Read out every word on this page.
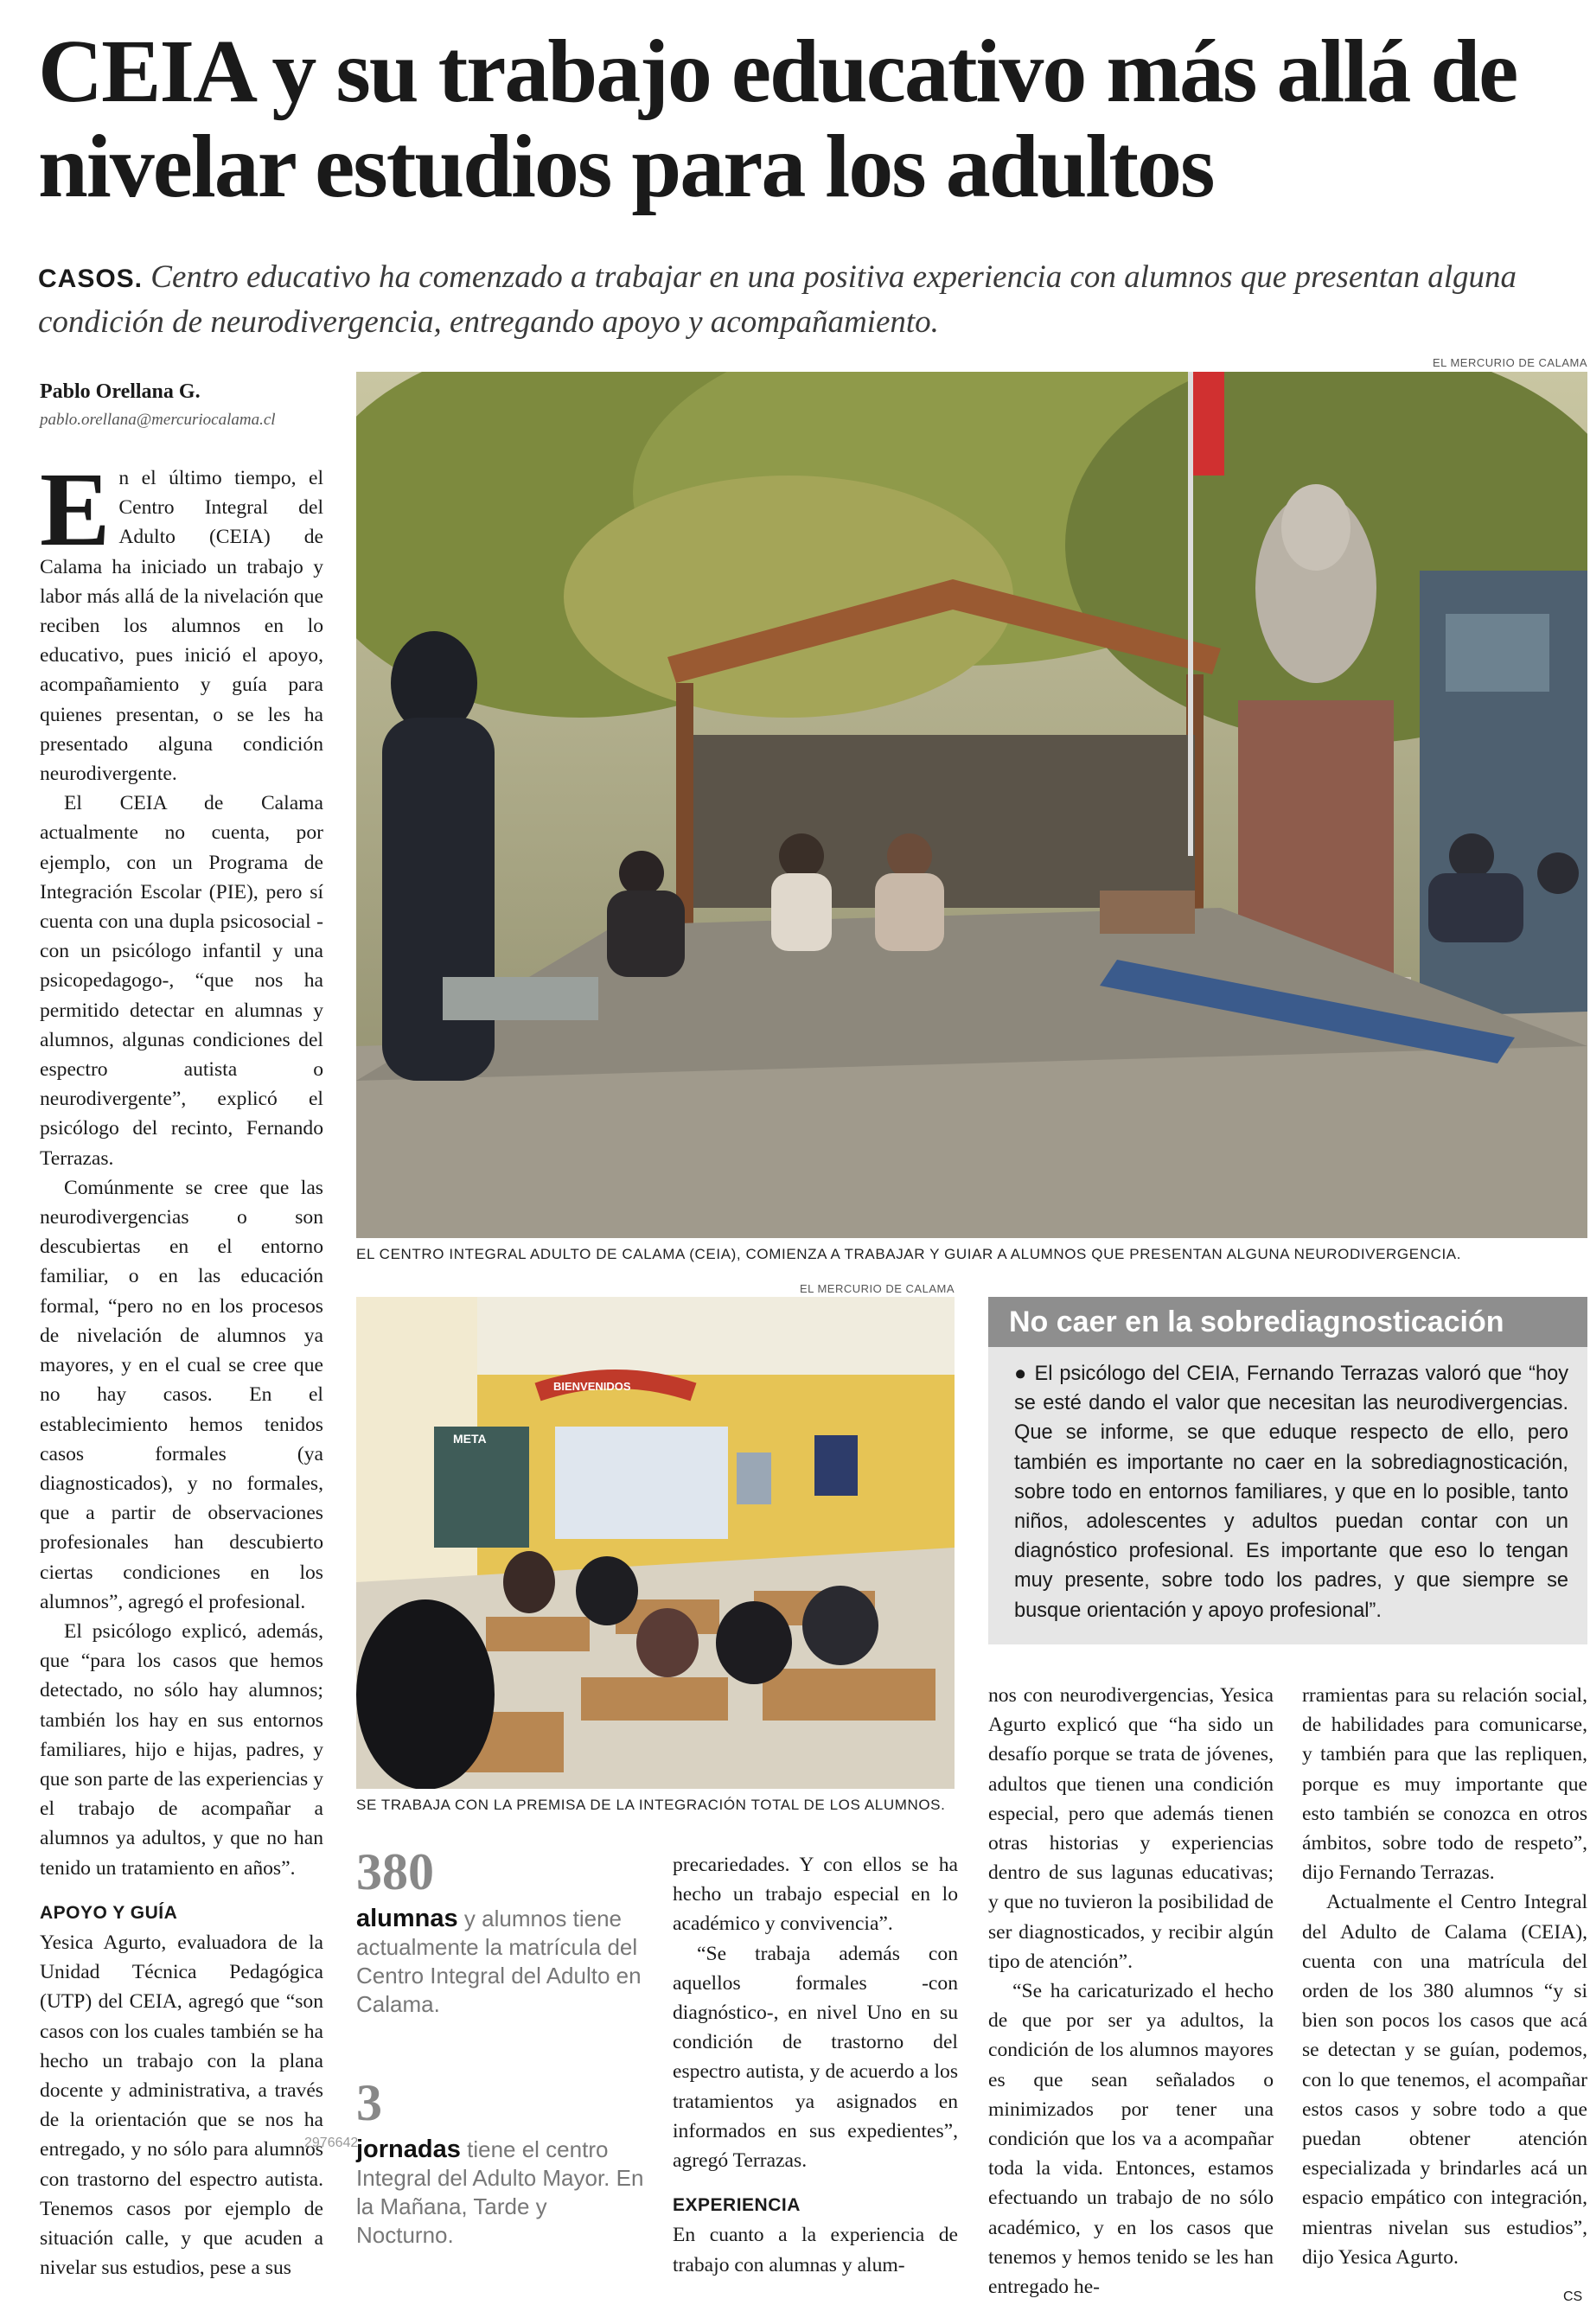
CEIA y su trabajo educativo más allá de nivelar estudios para los adultos
CASOS. Centro educativo ha comenzado a trabajar en una positiva experiencia con alumnos que presentan alguna condición de neurodivergencia, entregando apoyo y acompañamiento.
Pablo Orellana G.
pablo.orellana@mercuriocalama.cl

En el último tiempo, el Centro Integral del Adulto (CEIA) de Calama ha iniciado un trabajo y labor más allá de la nivelación que reciben los alumnos en lo educativo, pues inició el apoyo, acompañamiento y guía para quienes presentan, o se les ha presentado alguna condición neurodivergente.

El CEIA de Calama actualmente no cuenta, por ejemplo, con un Programa de Integración Escolar (PIE), pero sí cuenta con una dupla psicosocial -con un psicólogo infantil y una psicopedagogo-, “que nos ha permitido detectar en alumnas y alumnos, algunas condiciones del espectro autista o neurodivergente”, explicó el psicólogo del recinto, Fernando Terrazas.

Comúnmente se cree que las neurodivergencias o son descubiertas en el entorno familiar, o en las educación formal, “pero no en los procesos de nivelación de alumnos ya mayores, y en el cual se cree que no hay casos. En el establecimiento hemos tenidos casos formales (ya diagnosticados), y no formales, que a partir de observaciones profesionales han descubierto ciertas condiciones en los alumnos”, agregó el profesional.

El psicólogo explicó, además, que “para los casos que hemos detectado, no sólo hay alumnos; también los hay en sus entornos familiares, hijo e hijas, padres, y que son parte de las experiencias y el trabajo de acompañar a alumnos ya adultos, y que no han tenido un tratamiento en años”.

APOYO Y GUÍA

Yesica Agurto, evaluadora de la Unidad Técnica Pedagógica (UTP) del CEIA, agregó que “son casos con los cuales también se ha hecho un trabajo con la plana docente y administrativa, a través de la orientación que se nos ha entregado, y no sólo para alumnos con trastorno del espectro autista. Tenemos casos por ejemplo de situación calle, y que acuden a nivelar sus estudios, pese a sus

EL MERCURIO DE CALAMA
EL CENTRO INTEGRAL ADULTO DE CALAMA (CEIA), COMIENZA A TRABAJAR Y GUIAR A ALUMNOS QUE PRESENTAN ALGUNA NEURODIVERGENCIA.
EL MERCURIO DE CALAMA
BIENVENIDOS
META
SE TRABAJA CON LA PREMISA DE LA INTEGRACIÓN TOTAL DE LOS ALUMNOS.
No caer en la sobrediagnosticación
● El psicólogo del CEIA, Fernando Terrazas valoró que “hoy se esté dando el valor que necesitan las neurodivergencias. Que se informe, se que eduque respecto de ello, pero también es importante no caer en la sobrediagnosticación, sobre todo en entornos familiares, y que en lo posible, tanto niños, adolescentes y adultos puedan contar con un diagnóstico profesional. Es importante que eso lo tengan muy presente, sobre todo los padres, y que siempre se busque orientación y apoyo profesional”.
380
alumnas y alumnos tiene actualmente la matrícula del Centro Integral del Adulto en Calama.
2976642
3
jornadas tiene el centro Integral del Adulto Mayor. En la Mañana, Tarde y Nocturno.

precariedades. Y con ellos se ha hecho un trabajo especial en lo académico y convivencia”.

“Se trabaja además con aquellos formales -con diagnóstico-, en nivel Uno en su condición de trastorno del espectro autista, y de acuerdo a los tratamientos ya asignados en informados en sus expedientes”, agregó Terrazas.

EXPERIENCIA

En cuanto a la experiencia de trabajo con alumnas y alum-

nos con neurodivergencias, Yesica Agurto explicó que “ha sido un desafío porque se trata de jóvenes, adultos que tienen una condición especial, pero que además tienen otras historias y experiencias dentro de sus lagunas educativas; y que no tuvieron la posibilidad de ser diagnosticados, y recibir algún tipo de atención”.

“Se ha caricaturizado el hecho de que por ser ya adultos, la condición de los alumnos mayores es que sean señalados o minimizados por tener una condición que los va a acompañar toda la vida. Entonces, estamos efectuando un trabajo de no sólo académico, y en los casos que tenemos y hemos tenido se les han entregado he-

rramientas para su relación social, de habilidades para comunicarse, y también para que las repliquen, porque es muy importante que esto también se conozca en otros ámbitos, sobre todo de respeto”, dijo Fernando Terrazas.

Actualmente el Centro Integral del Adulto de Calama (CEIA), cuenta con una matrícula del orden de los 380 alumnos “y si bien son pocos los casos que acá se detectan y se guían, podemos, con lo que tenemos, el acompañar estos casos y sobre todo a que puedan obtener atención especializada y brindarles acá un espacio empático con integración, mientras nivelan sus estudios”, dijo Yesica Agurto.

CS
